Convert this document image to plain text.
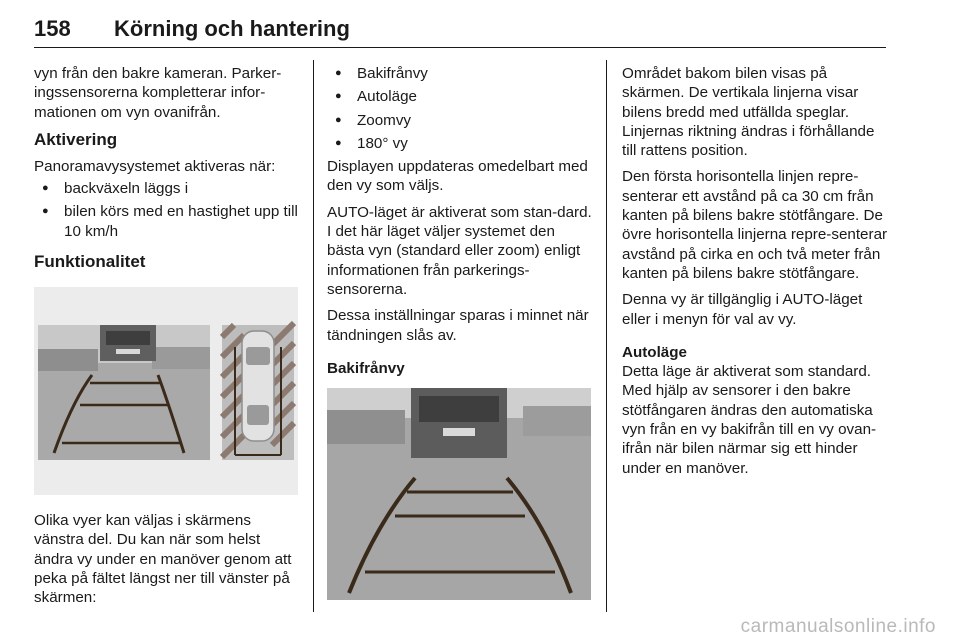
158 Körning och hantering

vyn från den bakre kameran. Parker-ingssensorerna kompletterar infor-mationen om vyn ovanifrån.

Aktivering

Panoramavysystemet aktiveras när:

● backväxeln läggs i
● bilen körs med en hastighet upp till 10 km/h
Funktionalitet

Olika vyer kan väljas i skärmens vänstra del. Du kan när som helst ändra vy under en manöver genom att peka på fältet längst ner till vänster på skärmen:

● Bakifrånvy
● Autoläge
● Zoomvy
● 180° vy

Displayen uppdateras omedelbart med den vy som väljs.

AUTO-läget är aktiverat som stan-dard. I det här läget väljer systemet den bästa vyn (standard eller zoom) enligt informationen från parkerings-sensorerna.

Dessa inställningar sparas i minnet när tändningen slås av.

Bakifrånvy

Området bakom bilen visas på skärmen. De vertikala linjerna visar bilens bredd med utfällda speglar. Linjernas riktning ändras i förhållande till rattens position.

Den första horisontella linjen repre-senterar ett avstånd på ca 30 cm från kanten på bilens bakre stötfångare. De övre horisontella linjerna repre-senterar avstånd på cirka en och två meter från kanten på bilens bakre stötfångare.

Denna vy är tillgänglig i AUTO-läget eller i menyn för val av vy.

Autoläge

Detta läge är aktiverat som standard. Med hjälp av sensorer i den bakre stötfångaren ändras den automatiska vyn från en vy bakifrån till en vy ovan-ifrån när bilen närmar sig ett hinder under en manöver.

carmanualsonline.info
